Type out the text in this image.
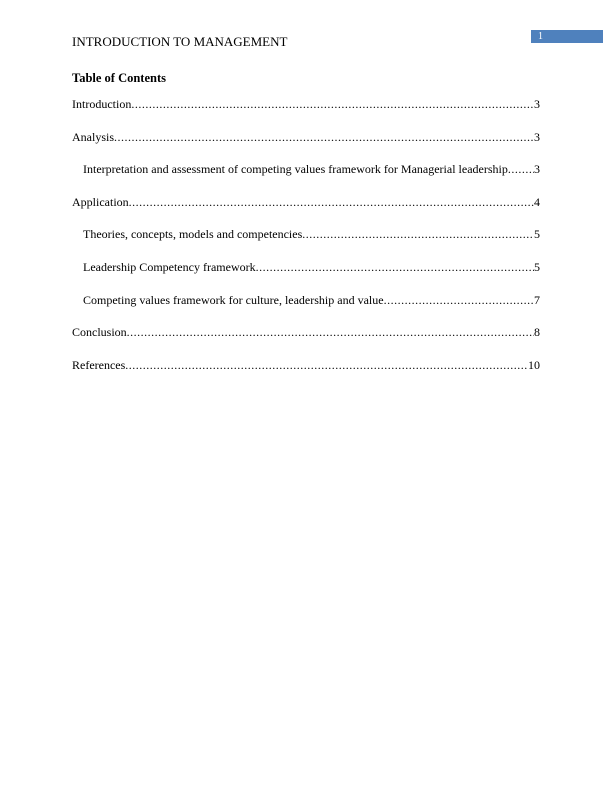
INTRODUCTION TO MANAGEMENT	1
Table of Contents
Introduction .....	3
Analysis .....	3
Interpretation and assessment of competing values framework for Managerial leadership ..... 3
Application .....	4
Theories, concepts, models and competencies .....	5
Leadership Competency framework .....	5
Competing values framework for culture, leadership and value .....	7
Conclusion .....	8
References .....	10
